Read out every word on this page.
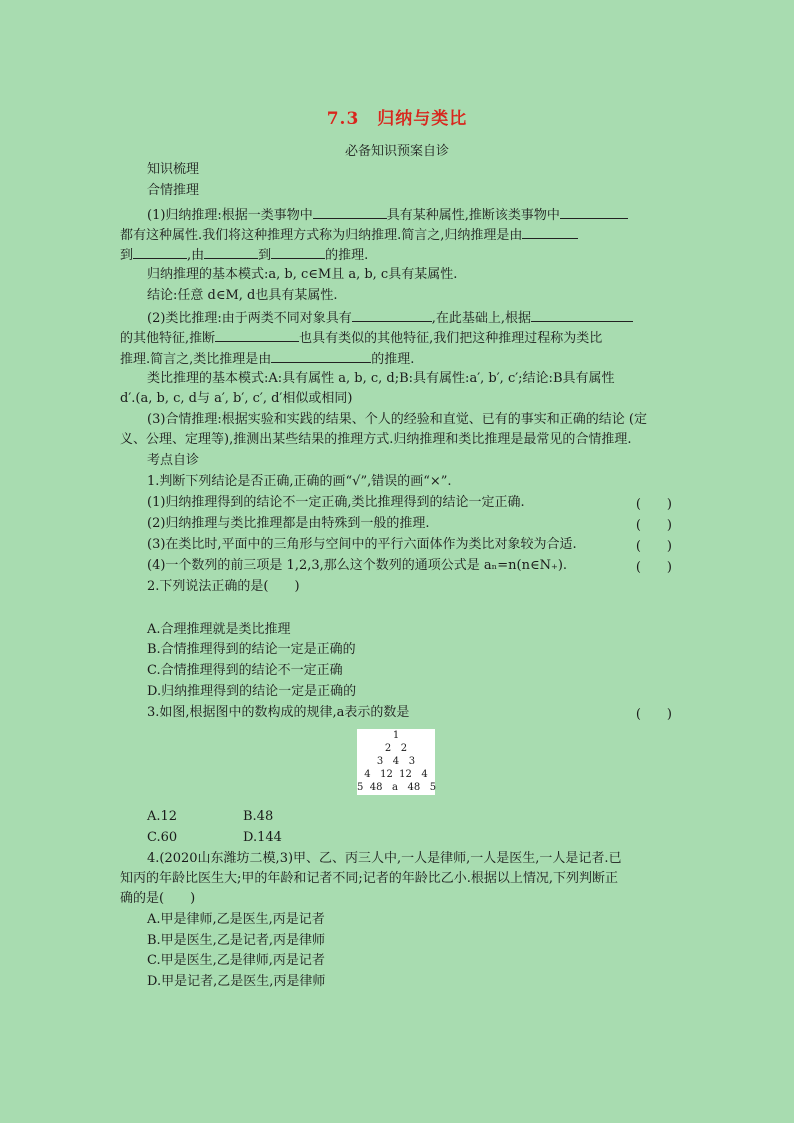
7.3　归纳与类比
必备知识预案自诊
知识梳理
合情推理
(1)归纳推理:根据一类事物中	具有某种属性,推断该类事物中
都有这种属性.我们将这种推理方式称为归纳推理.简言之,归纳推理是由
到	,由	到	的推理.
归纳推理的基本模式:a, b, c∈M且 a, b, c具有某属性.
结论:任意 d∈M, d也具有某属性.
(2)类比推理:由于两类不同对象具有	,在此基础上,根据
的其他特征,推断	也具有类似的其他特征,我们把这种推理过程称为类比
推理.简言之,类比推理是由	的推理.
类比推理的基本模式:A:具有属性 a, b, c, d;B:具有属性:a′, b′, c′;结论:B具有属性
d′.(a, b, c, d与 a′, b′, c′, d′相似或相同)
(3)合情推理:根据实验和实践的结果、个人的经验和直觉、已有的事实和正确的结论 (定
义、公理、定理等),推测出某些结果的推理方式.归纳推理和类比推理是最常见的合情推理.
考点自诊
1.判断下列结论是否正确,正确的画“√”,错误的画“×”.
(1)归纳推理得到的结论不一定正确,类比推理得到的结论一定正确.	(　　)
(2)归纳推理与类比推理都是由特殊到一般的推理.	(　　)
(3)在类比时,平面中的三角形与空间中的平行六面体作为类比对象较为合适.	(　　)
(4)一个数列的前三项是 1,2,3,那么这个数列的通项公式是 aₙ=n(n∈N₊).	(　　)
2.下列说法正确的是(　　)
A.合理推理就是类比推理
B.合情推理得到的结论一定是正确的
C.合情推理得到的结论不一定正确
D.归纳推理得到的结论一定是正确的
3.如图,根据图中的数构成的规律,a表示的数是	(　　)
1
2   2
3   4   3
4   12  12   4
5  48   a   48   5
A.12	B.48
C.60	D.144
4.(2020山东潍坊二模,3)甲、乙、丙三人中,一人是律师,一人是医生,一人是记者.已
知丙的年龄比医生大;甲的年龄和记者不同;记者的年龄比乙小.根据以上情况,下列判断正
确的是(　　)
A.甲是律师,乙是医生,丙是记者
B.甲是医生,乙是记者,丙是律师
C.甲是医生,乙是律师,丙是记者
D.甲是记者,乙是医生,丙是律师
